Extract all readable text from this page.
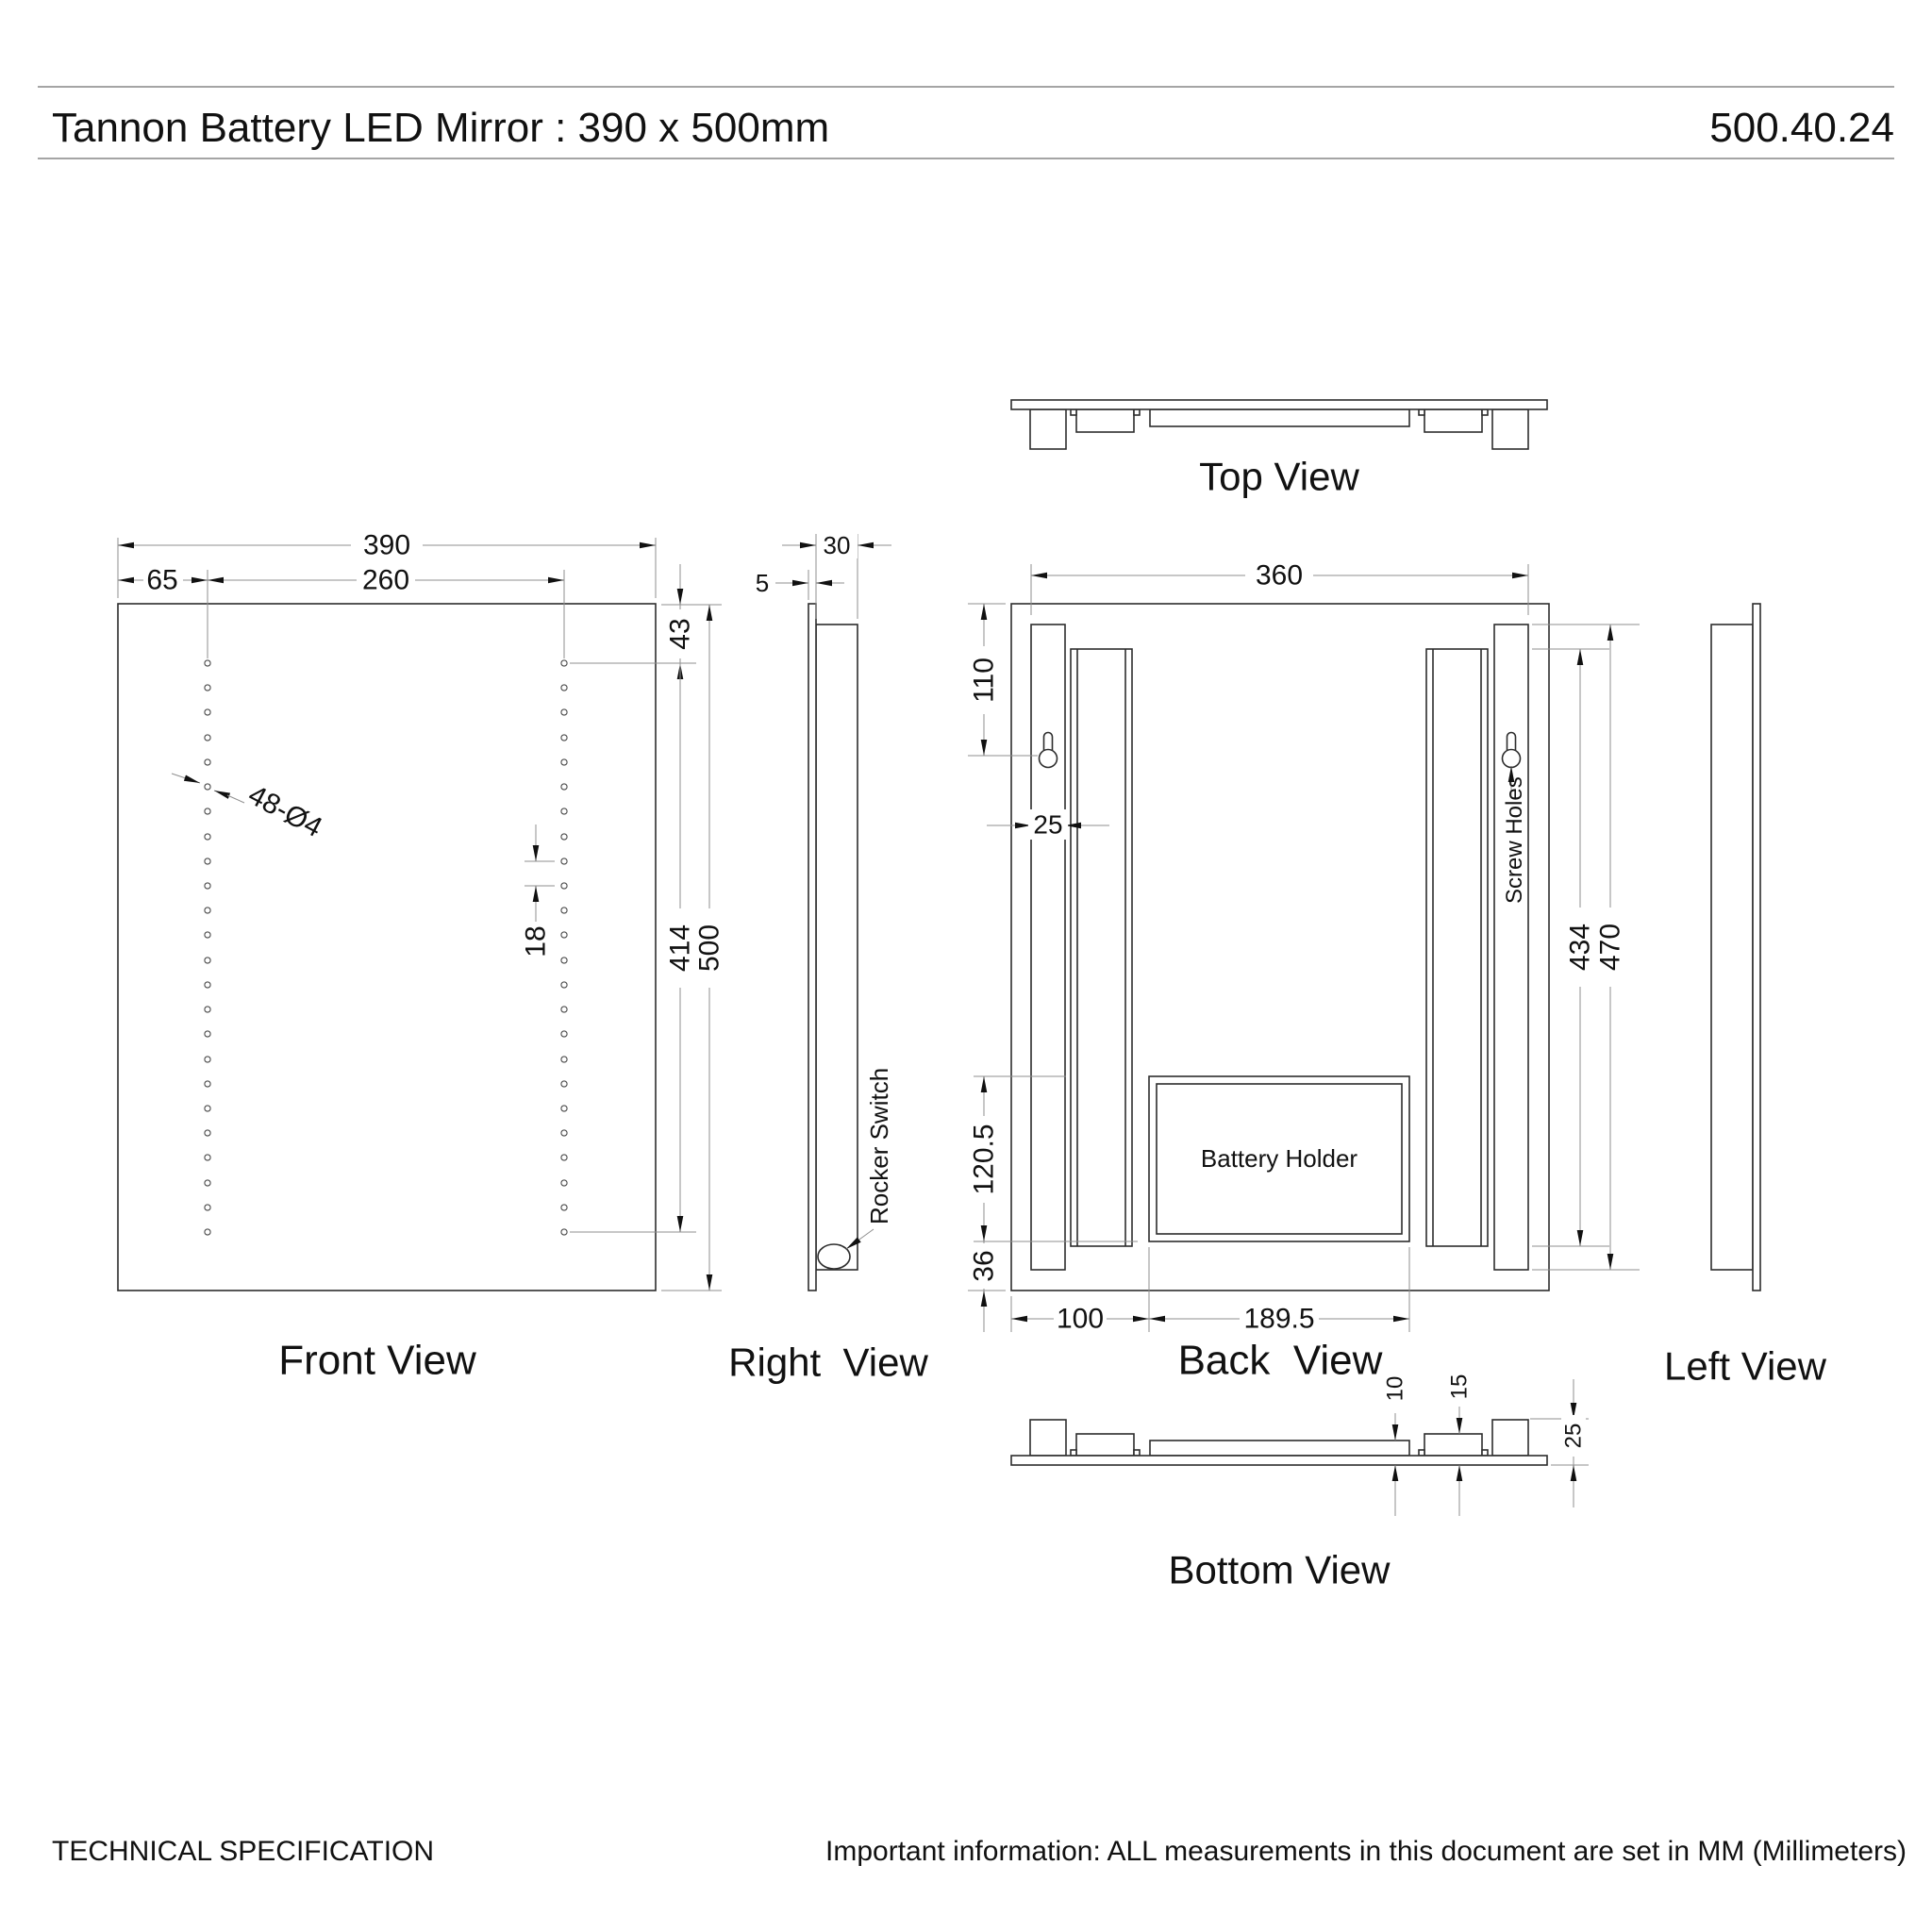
Tannon Battery LED Mirror : 390 x 500mm	500.40.24
Top View
390
65	260
43
414
500
18
48-Ø4
Front View
30
5
Rocker Switch
Right  View
360
110
25
Battery Holder
120.5
36
100	189.5
434 470
Screw Holes
Back  View	Left View
10 15
25
Bottom View
TECHNICAL SPECIFICATION	Important information: ALL measurements in this document are set in MM (Millimeters)
